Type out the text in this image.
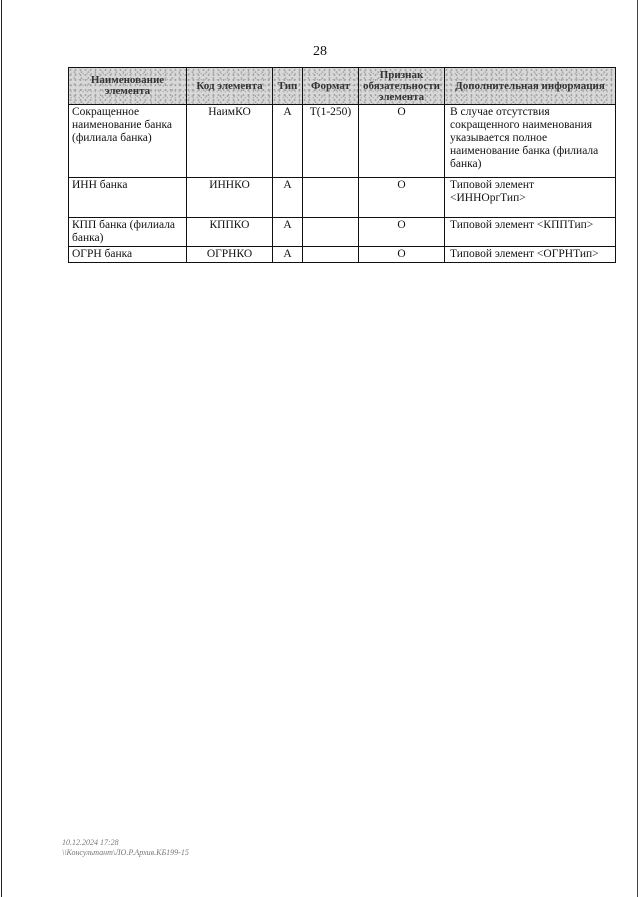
28
Наименование элемента	Код элемента	Тип	Формат	Признак обязательности элемента	Дополнительная информация
Сокращенное наименование банка (филиала банка)	НаимКО	А	Т(1-250)	О	В случае отсутствия сокращенного наименования указывается полное наименование банка (филиала банка)
ИНН банка	ИННКО	А		О	Типовой элемент <ИННОргТип>
КПП банка (филиала банка)	КППКО	А		О	Типовой элемент <КППТип>
ОГРН банка	ОГРНКО	А		О	Типовой элемент <ОГРНТип>
10.12.2024 17:28
\\Консультант\ЛО.Р.Архив.КБ199-15
